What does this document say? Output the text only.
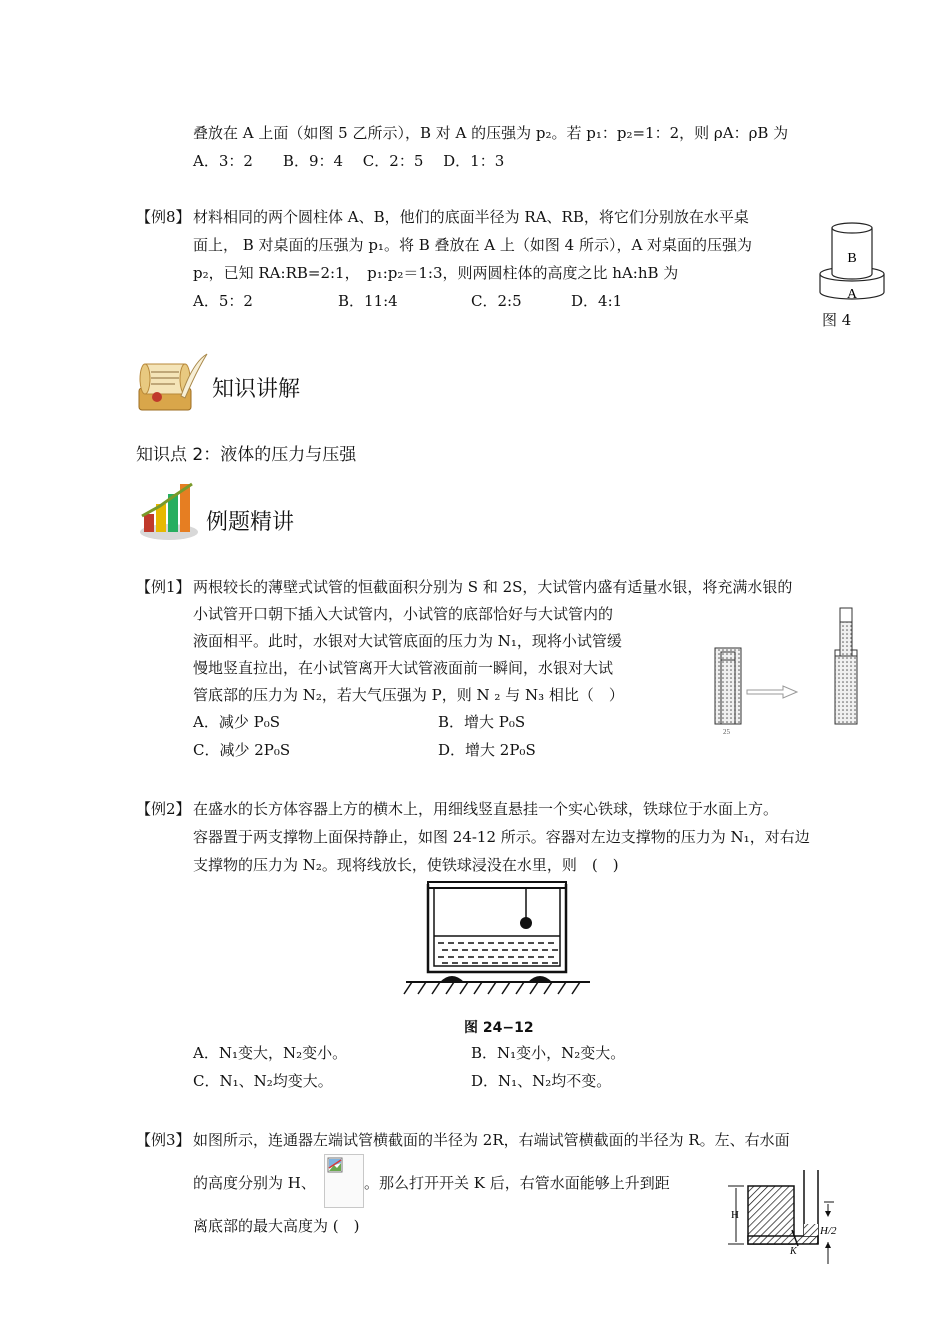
叠放在 A 上面（如图 5 乙所示），B 对 A 的压强为 p₂。若 p₁：p₂=1：2，则 ρA：ρB 为
A．3：2　　B．9：4　 C．2：5　 D．1：3
【例8】 材料相同的两个圆柱体 A、B，他们的底面半径为 RA、RB，将它们分别放在水平桌
面上， B 对桌面的压强为 p₁。将 B 叠放在 A 上（如图 4 所示），A 对桌面的压强为
p₂，已知 RA:RB=2:1，　p₁:p₂＝1:3，则两圆柱体的高度之比 hA:hB 为
A．5：2	B．11:4	C．2:5	D．4:1
B
A
图 4
知识讲解
知识点 2：液体的压力与压强
例题精讲
【例1】 两根较长的薄壁式试管的恒截面积分别为 S 和 2S，大试管内盛有适量水银，将充满水银的
小试管开口朝下插入大试管内，小试管的底部恰好与大试管内的
液面相平。此时，水银对大试管底面的压力为 N₁，现将小试管缓
慢地竖直拉出，在小试管离开大试管液面前一瞬间，水银对大试
管底部的压力为 N₂，若大气压强为 P，则 N ₂ 与 N₃ 相比（　）
A．减少 P₀S	B．增大 P₀S
C．减少 2P₀S	D．增大 2P₀S
25
【例2】 在盛水的长方体容器上方的横木上，用细线竖直悬挂一个实心铁球，铁球位于水面上方。
容器置于两支撑物上面保持静止，如图 24-12 所示。容器对左边支撑物的压力为 N₁，对右边
支撑物的压力为 N₂。现将线放长，使铁球浸没在水里，则　(　)
图 24−12
A．N₁变大，N₂变小。	B．N₁变小，N₂变大。
C．N₁、N₂均变大。	D．N₁、N₂均不变。
【例3】 如图所示，连通器左端试管横截面的半径为 2R，右端试管横截面的半径为 R。左、右水面
的高度分别为 H、	。那么打开开关 K 后，右管水面能够上升到距
离底部的最大高度为 (　)
K
H
H/2
